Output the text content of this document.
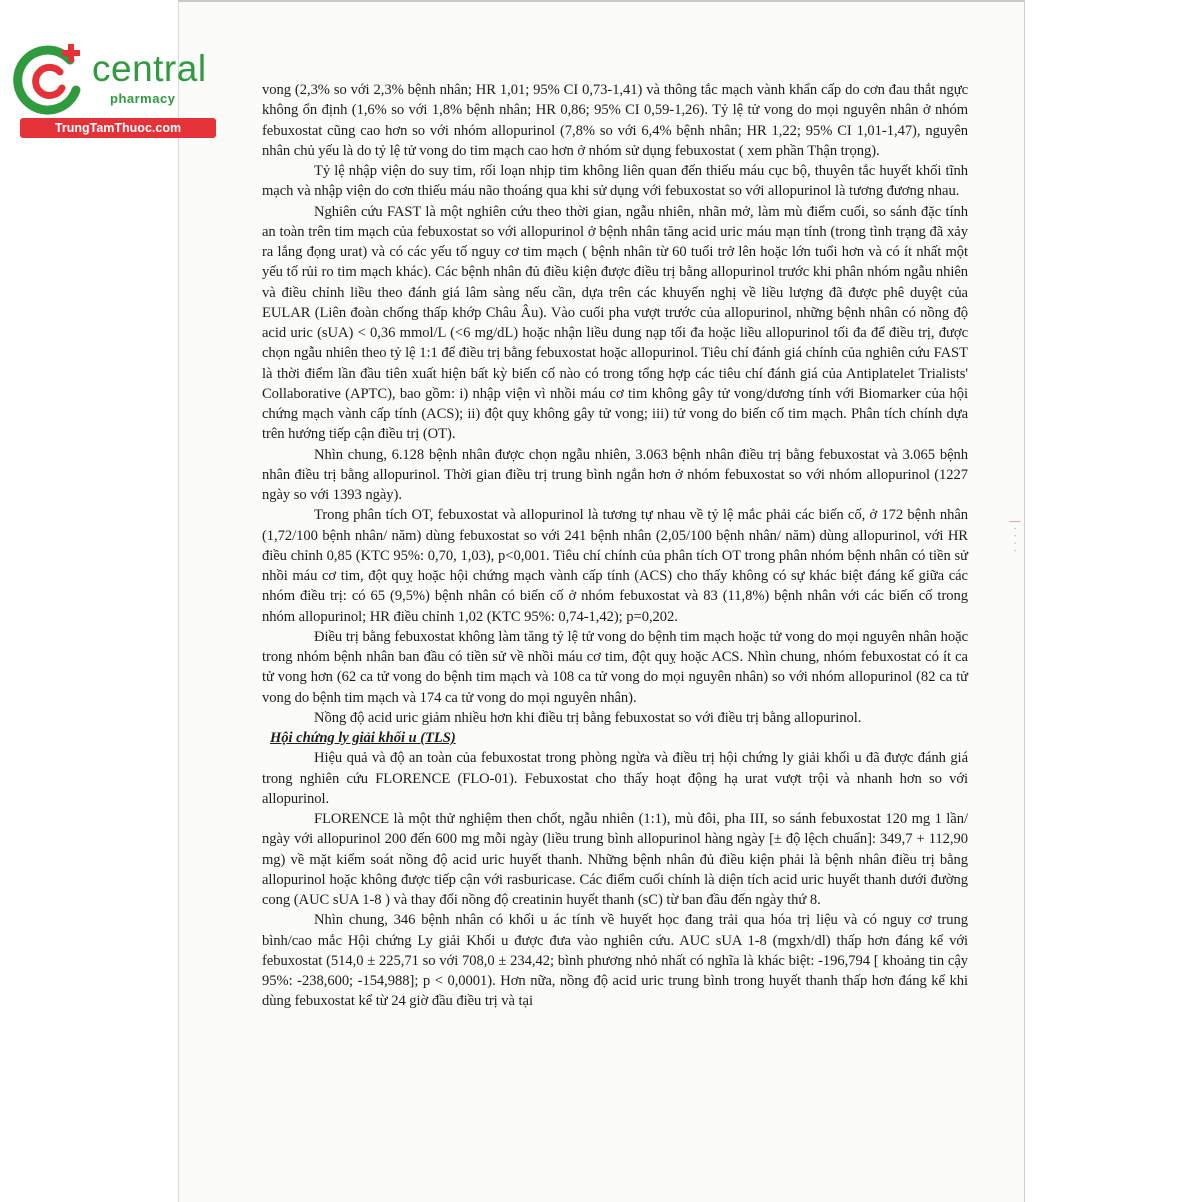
central
pharmacy
TrungTamThuoc.com

vong (2,3% so với 2,3% bệnh nhân; HR 1,01; 95% CI 0,73-1,41) và thông tắc mạch vành khẩn cấp do cơn đau thắt ngực không ổn định (1,6% so với 1,8% bệnh nhân; HR 0,86; 95% CI 0,59-1,26). Tỷ lệ tử vong do mọi nguyên nhân ở nhóm febuxostat cũng cao hơn so với nhóm allopurinol (7,8% so với 6,4% bệnh nhân; HR 1,22; 95% CI 1,01-1,47), nguyên nhân chủ yếu là do tỷ lệ tử vong do tim mạch cao hơn ở nhóm sử dụng febuxostat ( xem phần Thận trọng).

Tỷ lệ nhập viện do suy tim, rối loạn nhịp tim không liên quan đến thiếu máu cục bộ, thuyên tắc huyết khối tĩnh mạch và nhập viện do cơn thiếu máu não thoáng qua khi sử dụng với febuxostat so với allopurinol là tương đương nhau.

Nghiên cứu FAST là một nghiên cứu theo thời gian, ngẫu nhiên, nhãn mở, làm mù điểm cuối, so sánh đặc tính an toàn trên tim mạch của febuxostat so với allopurinol ở bệnh nhân tăng acid uric máu mạn tính (trong tình trạng đã xảy ra lắng đọng urat) và có các yếu tố nguy cơ tim mạch ( bệnh nhân từ 60 tuổi trở lên hoặc lớn tuổi hơn và có ít nhất một yếu tố rủi ro tim mạch khác). Các bệnh nhân đủ điều kiện được điều trị bằng allopurinol trước khi phân nhóm ngẫu nhiên và điều chỉnh liều theo đánh giá lâm sàng nếu cần, dựa trên các khuyến nghị về liều lượng đã được phê duyệt của EULAR (Liên đoàn chống thấp khớp Châu Âu). Vào cuối pha vượt trước của allopurinol, những bệnh nhân có nồng độ acid uric (sUA) < 0,36 mmol/L (<6 mg/dL) hoặc nhận liều dung nạp tối đa hoặc liều allopurinol tối đa để điều trị, được chọn ngẫu nhiên theo tỷ lệ 1:1 để điều trị bằng febuxostat hoặc allopurinol. Tiêu chí đánh giá chính của nghiên cứu FAST là thời điểm lần đầu tiên xuất hiện bất kỳ biến cố nào có trong tổng hợp các tiêu chí đánh giá của Antiplatelet Trialists' Collaborative (APTC), bao gồm: i) nhập viện vì nhồi máu cơ tim không gây tử vong/dương tính với Biomarker của hội chứng mạch vành cấp tính (ACS); ii) đột quỵ không gây tử vong; iii) tử vong do biến cố tim mạch. Phân tích chính dựa trên hướng tiếp cận điều trị (OT).

Nhìn chung, 6.128 bệnh nhân được chọn ngẫu nhiên, 3.063 bệnh nhân điều trị bằng febuxostat và 3.065 bệnh nhân điều trị bằng allopurinol. Thời gian điều trị trung bình ngắn hơn ở nhóm febuxostat so với nhóm allopurinol (1227 ngày so với 1393 ngày).

Trong phân tích OT, febuxostat và allopurinol là tương tự nhau về tỷ lệ mắc phải các biến cố, ở 172 bệnh nhân (1,72/100 bệnh nhân/ năm) dùng febuxostat so với 241 bệnh nhân (2,05/100 bệnh nhân/ năm) dùng allopurinol, với HR điều chỉnh 0,85 (KTC 95%: 0,70, 1,03), p<0,001. Tiêu chí chính của phân tích OT trong phân nhóm bệnh nhân có tiền sử nhồi máu cơ tim, đột quỵ hoặc hội chứng mạch vành cấp tính (ACS) cho thấy không có sự khác biệt đáng kể giữa các nhóm điều trị: có 65 (9,5%) bệnh nhân có biến cố ở nhóm febuxostat và 83 (11,8%) bệnh nhân với các biến cố trong nhóm allopurinol; HR điều chỉnh 1,02 (KTC 95%: 0,74-1,42); p=0,202.

Điều trị bằng febuxostat không làm tăng tỷ lệ tử vong do bệnh tim mạch hoặc tử vong do mọi nguyên nhân hoặc trong nhóm bệnh nhân ban đầu có tiền sử về nhồi máu cơ tim, đột quỵ hoặc ACS. Nhìn chung, nhóm febuxostat có ít ca tử vong hơn (62 ca tử vong do bệnh tim mạch và 108 ca tử vong do mọi nguyên nhân) so với nhóm allopurinol (82 ca tử vong do bệnh tim mạch và 174 ca tử vong do mọi nguyên nhân).

Nồng độ acid uric giảm nhiều hơn khi điều trị bằng febuxostat so với điều trị bằng allopurinol.

Hội chứng ly giải khối u (TLS)

Hiệu quả và độ an toàn của febuxostat trong phòng ngừa và điều trị hội chứng ly giải khối u đã được đánh giá trong nghiên cứu FLORENCE (FLO-01). Febuxostat cho thấy hoạt động hạ urat vượt trội và nhanh hơn so với allopurinol.

FLORENCE là một thử nghiệm then chốt, ngẫu nhiên (1:1), mù đôi, pha III, so sánh febuxostat 120 mg 1 lần/ ngày với allopurinol 200 đến 600 mg mỗi ngày (liều trung bình allopurinol hàng ngày [± độ lệch chuẩn]: 349,7 + 112,90 mg) về mặt kiểm soát nồng độ acid uric huyết thanh. Những bệnh nhân đủ điều kiện phải là bệnh nhân điều trị bằng allopurinol hoặc không được tiếp cận với rasburicase. Các điểm cuối chính là diện tích acid uric huyết thanh dưới đường cong (AUC sUA 1-8 ) và thay đổi nồng độ creatinin huyết thanh (sC) từ ban đầu đến ngày thứ 8.

Nhìn chung, 346 bệnh nhân có khối u ác tính về huyết học đang trải qua hóa trị liệu và có nguy cơ trung bình/cao mắc Hội chứng Ly giải Khối u được đưa vào nghiên cứu. AUC sUA 1-8 (mgxh/dl) thấp hơn đáng kể với febuxostat (514,0 ± 225,71 so với 708,0 ± 234,42; bình phương nhỏ nhất có nghĩa là khác biệt: -196,794 [ khoảng tin cậy 95%: -238,600; -154,988]; p < 0,0001). Hơn nữa, nồng độ acid uric trung bình trong huyết thanh thấp hơn đáng kể khi dùng febuxostat kể từ 24 giờ đầu điều trị và tại

| · · · ·
